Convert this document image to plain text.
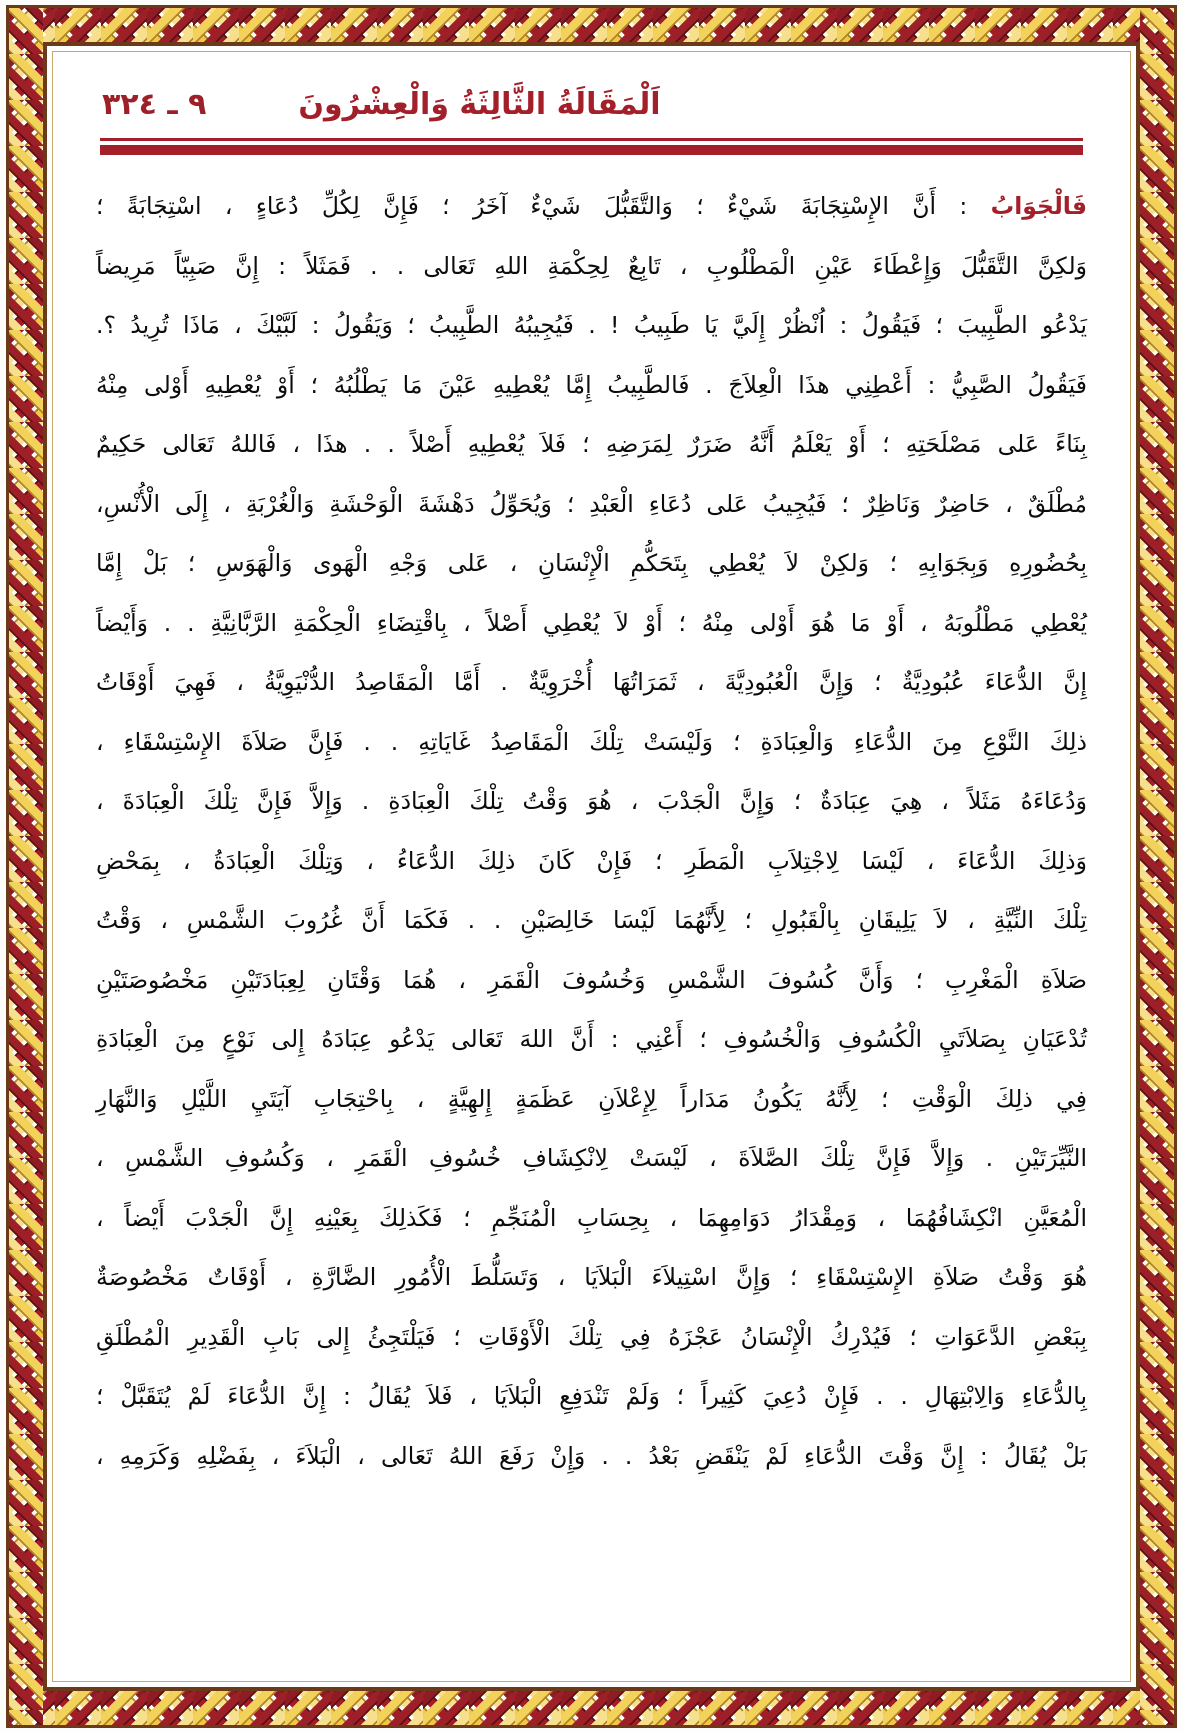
٣٢٤ ـ ٩	اَلْمَقَالَةُ الثَّالِثَةُ وَالْعِشْرُونَ
فَالْجَوَابُ : أَنَّ الإِسْتِجَابَةَ شَيْءٌ ؛ وَالتَّقَبُّلَ شَيْءٌ آخَرُ ؛ فَإِنَّ لِكُلِّ دُعَاءٍ ، اسْتِجَابَةً ؛
وَلكِنَّ التَّقَبُّلَ وَإِعْطَاءَ عَيْنِ الْمَطْلُوبِ ، تَابِعٌ لِحِكْمَةِ اللهِ تَعَالى . . فَمَثَلاً : إِنَّ صَبِيّاً مَرِيضاً
يَدْعُو الطَّبِيبَ ؛ فَيَقُولُ : اُنْظُرْ إِلَيَّ يَا طَبِيبُ ! . فَيُجِيبُهُ الطَّبِيبُ ؛ وَيَقُولُ : لَبَّيْكَ ، مَاذَا تُرِيدُ ؟.
فَيَقُولُ الصَّبِيُّ : أَعْطِنِي هذَا الْعِلاَجَ . فَالطَّبِيبُ إِمَّا يُعْطِيهِ عَيْنَ مَا يَطْلُبُهُ ؛ أَوْ يُعْطِيهِ أَوْلى مِنْهُ
بِنَاءً عَلى مَصْلَحَتِهِ ؛ أَوْ يَعْلَمُ أَنَّهُ ضَرَرٌ لِمَرَضِهِ ؛ فَلاَ يُعْطِيهِ أَصْلاً . . هذَا ، فَاللهُ تَعَالى حَكِيمٌ
مُطْلَقٌ ، حَاضِرٌ وَنَاظِرٌ ؛ فَيُجِيبُ عَلى دُعَاءِ الْعَبْدِ ؛ وَيُحَوِّلُ دَهْشَةَ الْوَحْشَةِ وَالْغُرْبَةِ ، إِلَى الْأُنْسِ،
بِحُضُورِهِ وَبِجَوَابِهِ ؛ وَلكِنْ لاَ يُعْطِي بِتَحَكُّمِ الْإِنْسَانِ ، عَلى وَجْهِ الْهَوى وَالْهَوَسِ ؛ بَلْ إِمَّا
يُعْطِي مَطْلُوبَهُ ، أَوْ مَا هُوَ أَوْلى مِنْهُ ؛ أَوْ لاَ يُعْطِي أَصْلاً ، بِاقْتِضَاءِ الْحِكْمَةِ الرَّبَّانِيَّةِ . . وَأَيْضاً
إِنَّ الدُّعَاءَ عُبُودِيَّةٌ ؛ وَإِنَّ الْعُبُودِيَّةَ ، ثَمَرَاتُهَا أُخْرَوِيَّةٌ . أَمَّا الْمَقَاصِدُ الدُّنْيَوِيَّةُ ، فَهِيَ أَوْقَاتُ
ذلِكَ النَّوْعِ مِنَ الدُّعَاءِ وَالْعِبَادَةِ ؛ وَلَيْسَتْ تِلْكَ الْمَقَاصِدُ غَايَاتِهِ . . فَإِنَّ صَلاَةَ الإِسْتِسْقَاءِ ،
وَدُعَاءَهُ مَثَلاً ، هِيَ عِبَادَةٌ ؛ وَإِنَّ الْجَدْبَ ، هُوَ وَقْتُ تِلْكَ الْعِبَادَةِ . وَإِلاَّ فَإِنَّ تِلْكَ الْعِبَادَةَ ،
وَذلِكَ الدُّعَاءَ ، لَيْسَا لِاجْتِلاَبِ الْمَطَرِ ؛ فَإِنْ كَانَ ذلِكَ الدُّعَاءُ ، وَتِلْكَ الْعِبَادَةُ ، بِمَحْضِ
تِلْكَ النِّيَّةِ ، لاَ يَلِيقَانِ بِالْقَبُولِ ؛ لِأَنَّهُمَا لَيْسَا خَالِصَيْنِ . . فَكَمَا أَنَّ غُرُوبَ الشَّمْسِ ، وَقْتُ
صَلاَةِ الْمَغْرِبِ ؛ وَأَنَّ كُسُوفَ الشَّمْسِ وَخُسُوفَ الْقَمَرِ ، هُمَا وَقْتَانِ لِعِبَادَتَيْنِ مَخْصُوصَتَيْنِ
تُدْعَيَانِ بِصَلاَتَيِ الْكُسُوفِ وَالْخُسُوفِ ؛ أَعْنِي : أَنَّ اللهَ تَعَالى يَدْعُو عِبَادَهُ إِلى نَوْعٍ مِنَ الْعِبَادَةِ
فِي ذلِكَ الْوَقْتِ ؛ لِأَنَّهُ يَكُونُ مَدَاراً لِإِعْلاَنِ عَظَمَةٍ إِلهِيَّةٍ ، بِاحْتِجَابِ آيَتَيِ اللَّيْلِ وَالنَّهَارِ
النَّيِّرَتَيْنِ . وَإِلاَّ فَإِنَّ تِلْكَ الصَّلاَةَ ، لَيْسَتْ لِانْكِشَافِ خُسُوفِ الْقَمَرِ ، وَكُسُوفِ الشَّمْسِ ،
الْمُعَيَّنِ انْكِشَافُهُمَا ، وَمِقْدَارُ دَوَامِهِمَا ، بِحِسَابِ الْمُنَجِّمِ ؛ فَكَذلِكَ بِعَيْنِهِ إِنَّ الْجَدْبَ أَيْضاً ،
هُوَ وَقْتُ صَلاَةِ الإِسْتِسْقَاءِ ؛ وَإِنَّ اسْتِيلاَءَ الْبَلاَيَا ، وَتَسَلُّطَ الْأُمُورِ الضَّارَّةِ ، أَوْقَاتٌ مَخْصُوصَةٌ
بِبَعْضِ الدَّعَوَاتِ ؛ فَيُدْرِكُ الْإِنْسَانُ عَجْزَهُ فِي تِلْكَ الْأَوْقَاتِ ؛ فَيَلْتَجِئُ إِلى بَابِ الْقَدِيرِ الْمُطْلَقِ
بِالدُّعَاءِ وَالِابْتِهَالِ . . فَإِنْ دُعِيَ كَثِيراً ؛ وَلَمْ تَنْدَفِعِ الْبَلاَيَا ، فَلاَ يُقَالُ : إِنَّ الدُّعَاءَ لَمْ يُتَقَبَّلْ ؛
بَلْ يُقَالُ : إِنَّ وَقْتَ الدُّعَاءِ لَمْ يَنْقَضِ بَعْدُ . . وَإِنْ رَفَعَ اللهُ تَعَالى ، الْبَلاَءَ ، بِفَضْلِهِ وَكَرَمِهِ ،
